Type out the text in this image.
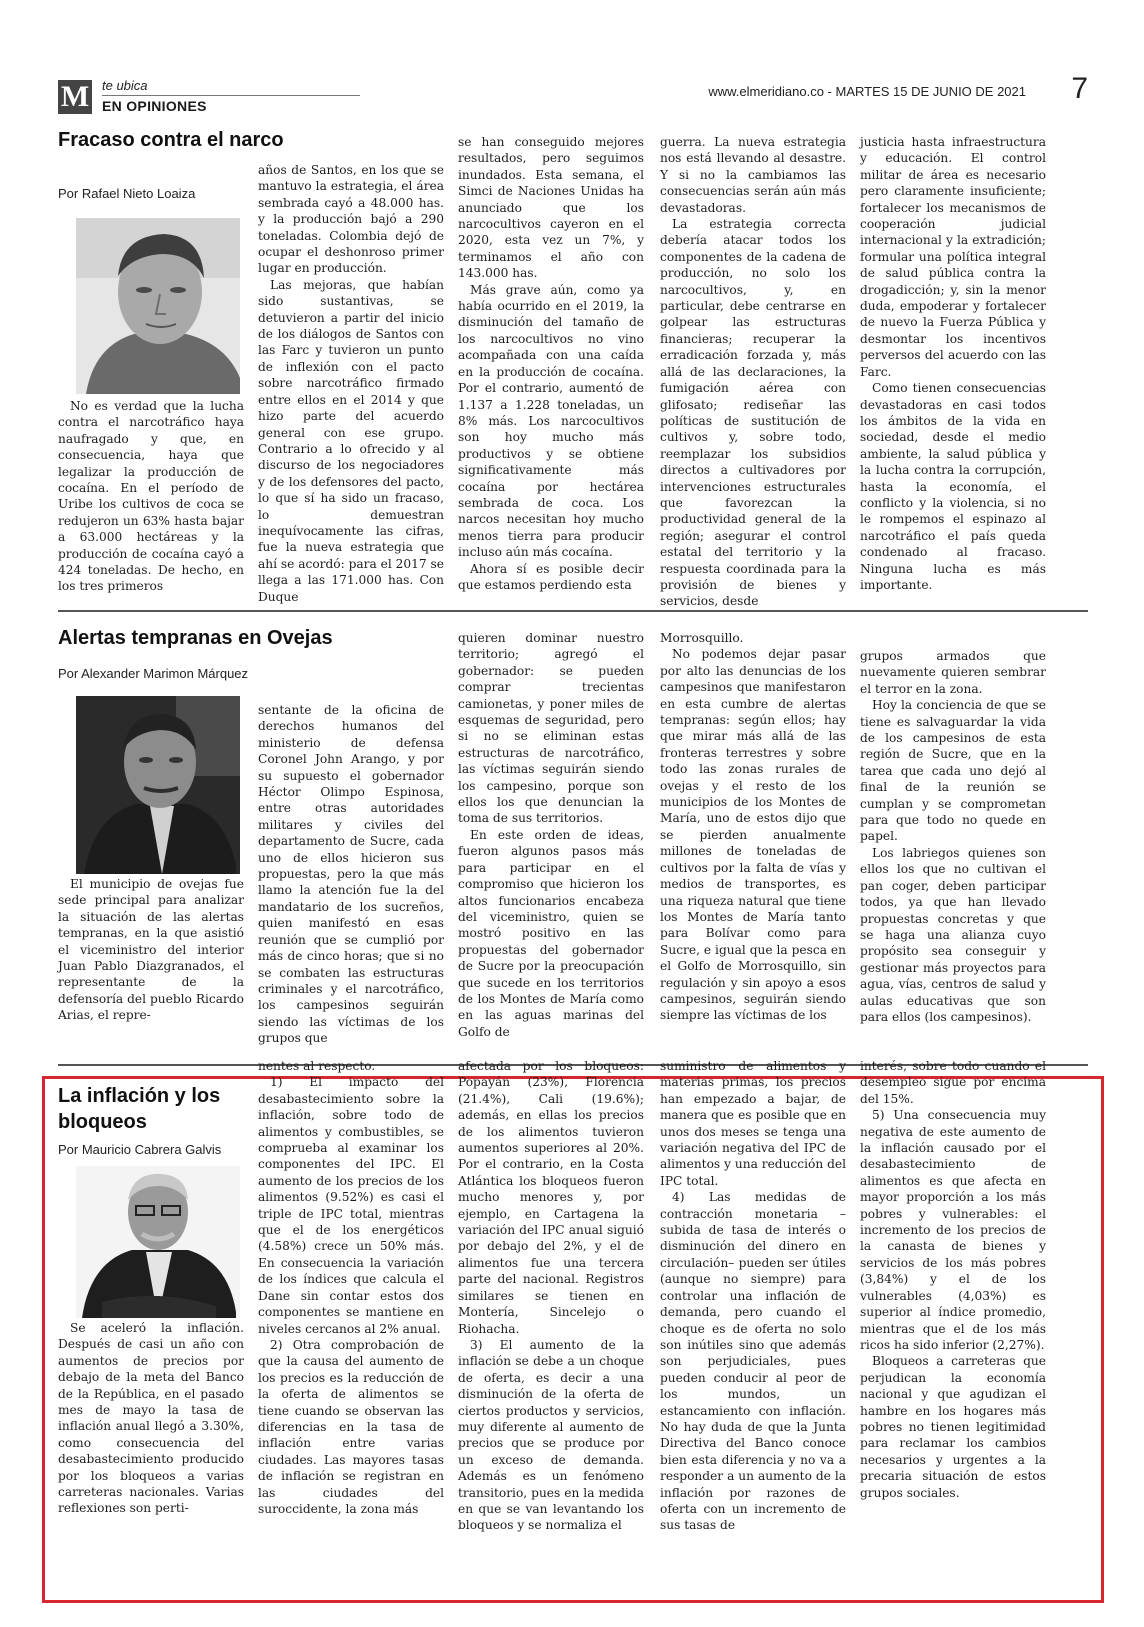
M te ubica
EN OPINIONES
www.elmeridiano.co - MARTES 15 DE JUNIO DE 2021 7
Fracaso contra el narco
Por Rafael Nieto Loaiza

No es verdad que la lucha contra el narcotráfico haya naufragado y que, en consecuencia, haya que legalizar la producción de cocaína. En el período de Uribe los cultivos de coca se redujeron un 63% hasta bajar a 63.000 hectáreas y la producción de cocaína cayó a 424 toneladas. De hecho, en los tres primeros

años de Santos, en los que se mantuvo la estrategia, el área sembrada cayó a 48.000 has. y la producción bajó a 290 toneladas. Colombia dejó de ocupar el deshonroso primer lugar en producción.

Las mejoras, que habían sido sustantivas, se detuvieron a partir del inicio de los diálogos de Santos con las Farc y tuvieron un punto de inflexión con el pacto sobre narcotráfico firmado entre ellos en el 2014 y que hizo parte del acuerdo general con ese grupo. Contrario a lo ofrecido y al discurso de los negociadores y de los defensores del pacto, lo que sí ha sido un fracaso, lo demuestran inequívocamente las cifras, fue la nueva estrategia que ahí se acordó: para el 2017 se llega a las 171.000 has. Con Duque

se han conseguido mejores resultados, pero seguimos inundados. Esta semana, el Simci de Naciones Unidas ha anunciado que los narcocultivos cayeron en el 2020, esta vez un 7%, y terminamos el año con 143.000 has.

Más grave aún, como ya había ocurrido en el 2019, la disminución del tamaño de los narcocultivos no vino acompañada con una caída en la producción de cocaína. Por el contrario, aumentó de 1.137 a 1.228 toneladas, un 8% más. Los narcocultivos son hoy mucho más productivos y se obtiene significativamente más cocaína por hectárea sembrada de coca. Los narcos necesitan hoy mucho menos tierra para producir incluso aún más cocaína.

Ahora sí es posible decir que estamos perdiendo esta

guerra. La nueva estrategia nos está llevando al desastre. Y si no la cambiamos las consecuencias serán aún más devastadoras.

La estrategia correcta debería atacar todos los componentes de la cadena de producción, no solo los narcocultivos, y, en particular, debe centrarse en golpear las estructuras financieras; recuperar la erradicación forzada y, más allá de las declaraciones, la fumigación aérea con glifosato; rediseñar las políticas de sustitución de cultivos y, sobre todo, reemplazar los subsidios directos a cultivadores por intervenciones estructurales que favorezcan la productividad general de la región; asegurar el control estatal del territorio y la respuesta coordinada para la provisión de bienes y servicios, desde

justicia hasta infraestructura y educación. El control militar de área es necesario pero claramente insuficiente; fortalecer los mecanismos de cooperación judicial internacional y la extradición; formular una política integral de salud pública contra la drogadicción; y, sin la menor duda, empoderar y fortalecer de nuevo la Fuerza Pública y desmontar los incentivos perversos del acuerdo con las Farc.

Como tienen consecuencias devastadoras en casi todos los ámbitos de la vida en sociedad, desde el medio ambiente, la salud pública y la lucha contra la corrupción, hasta la economía, el conflicto y la violencia, si no le rompemos el espinazo al narcotráfico el país queda condenado al fracaso. Ninguna lucha es más importante.

Alertas tempranas en Ovejas
Por Alexander Marimon Márquez

El municipio de ovejas fue sede principal para analizar la situación de las alertas tempranas, en la que asistió el viceministro del interior Juan Pablo Diazgranados, el representante de la defensoría del pueblo Ricardo Arias, el repre-

sentante de la oficina de derechos humanos del ministerio de defensa Coronel John Arango, y por su supuesto el gobernador Héctor Olimpo Espinosa, entre otras autoridades militares y civiles del departamento de Sucre, cada uno de ellos hicieron sus propuestas, pero la que más llamo la atención fue la del mandatario de los sucreños, quien manifestó en esas reunión que se cumplió por más de cinco horas; que si no se combaten las estructuras criminales y el narcotráfico, los campesinos seguirán siendo las víctimas de los grupos que

quieren dominar nuestro territorio; agregó el gobernador: se pueden comprar trecientas camionetas, y poner miles de esquemas de seguridad, pero si no se eliminan estas estructuras de narcotráfico, las víctimas seguirán siendo los campesino, porque son ellos los que denuncian la toma de sus territorios.

En este orden de ideas, fueron algunos pasos más para participar en el compromiso que hicieron los altos funcionarios encabeza del viceministro, quien se mostró positivo en las propuestas del gobernador de Sucre por la preocupación que sucede en los territorios de los Montes de María como en las aguas marinas del Golfo de

Morrosquillo.

No podemos dejar pasar por alto las denuncias de los campesinos que manifestaron en esta cumbre de alertas tempranas: según ellos; hay que mirar más allá de las fronteras terrestres y sobre todo las zonas rurales de ovejas y el resto de los municipios de los Montes de María, uno de estos dijo que se pierden anualmente millones de toneladas de cultivos por la falta de vías y medios de transportes, es una riqueza natural que tiene los Montes de María tanto para Bolívar como para Sucre, e igual que la pesca en el Golfo de Morrosquillo, sin regulación y sin apoyo a esos campesinos, seguirán siendo siempre las víctimas de los

grupos armados que nuevamente quieren sembrar el terror en la zona.

Hoy la conciencia de que se tiene es salvaguardar la vida de los campesinos de esta región de Sucre, que en la tarea que cada uno dejó al final de la reunión se cumplan y se comprometan para que todo no quede en papel.

Los labriegos quienes son ellos los que no cultivan el pan coger, deben participar todos, ya que han llevado propuestas concretas y que se haga una alianza cuyo propósito sea conseguir y gestionar más proyectos para agua, vías, centros de salud y aulas educativas que son para ellos (los campesinos).

La inflación y los
bloqueos
Por Mauricio Cabrera Galvis

Se aceleró la inflación. Después de casi un año con aumentos de precios por debajo de la meta del Banco de la República, en el pasado mes de mayo la tasa de inflación anual llegó a 3.30%, como consecuencia del desabastecimiento producido por los bloqueos a varias carreteras nacionales. Varias reflexiones son perti-

nentes al respecto.

1) El impacto del desabastecimiento sobre la inflación, sobre todo de alimentos y combustibles, se comprueba al examinar los componentes del IPC. El aumento de los precios de los alimentos (9.52%) es casi el triple de IPC total, mientras que el de los energéticos (4.58%) crece un 50% más. En consecuencia la variación de los índices que calcula el Dane sin contar estos dos componentes se mantiene en niveles cercanos al 2% anual.

2) Otra comprobación de que la causa del aumento de los precios es la reducción de la oferta de alimentos se tiene cuando se observan las diferencias en la tasa de inflación entre varias ciudades. Las mayores tasas de inflación se registran en las ciudades del suroccidente, la zona más

afectada por los bloqueos: Popayán (23%), Florencia (21.4%), Cali (19.6%); además, en ellas los precios de los alimentos tuvieron aumentos superiores al 20%. Por el contrario, en la Costa Atlántica los bloqueos fueron mucho menores y, por ejemplo, en Cartagena la variación del IPC anual siguió por debajo del 2%, y el de alimentos fue una tercera parte del nacional. Registros similares se tienen en Montería, Sincelejo o Riohacha.

3) El aumento de la inflación se debe a un choque de oferta, es decir a una disminución de la oferta de ciertos productos y servicios, muy diferente al aumento de precios que se produce por un exceso de demanda. Además es un fenómeno transitorio, pues en la medida en que se van levantando los bloqueos y se normaliza el

suministro de alimentos y materias primas, los precios han empezado a bajar, de manera que es posible que en unos dos meses se tenga una variación negativa del IPC de alimentos y una reducción del IPC total.

4) Las medidas de contracción monetaria –subida de tasa de interés o disminución del dinero en circulación– pueden ser útiles (aunque no siempre) para controlar una inflación de demanda, pero cuando el choque es de oferta no solo son inútiles sino que además son perjudiciales, pues pueden conducir al peor de los mundos, un estancamiento con inflación. No hay duda de que la Junta Directiva del Banco conoce bien esta diferencia y no va a responder a un aumento de la inflación por razones de oferta con un incremento de sus tasas de

interés, sobre todo cuando el desempleo sigue por encima del 15%.

5) Una consecuencia muy negativa de este aumento de la inflación causado por el desabastecimiento de alimentos es que afecta en mayor proporción a los más pobres y vulnerables: el incremento de los precios de la canasta de bienes y servicios de los más pobres (3,84%) y el de los vulnerables (4,03%) es superior al índice promedio, mientras que el de los más ricos ha sido inferior (2,27%).

Bloqueos a carreteras que perjudican la economía nacional y que agudizan el hambre en los hogares más pobres no tienen legitimidad para reclamar los cambios necesarios y urgentes a la precaria situación de estos grupos sociales.
